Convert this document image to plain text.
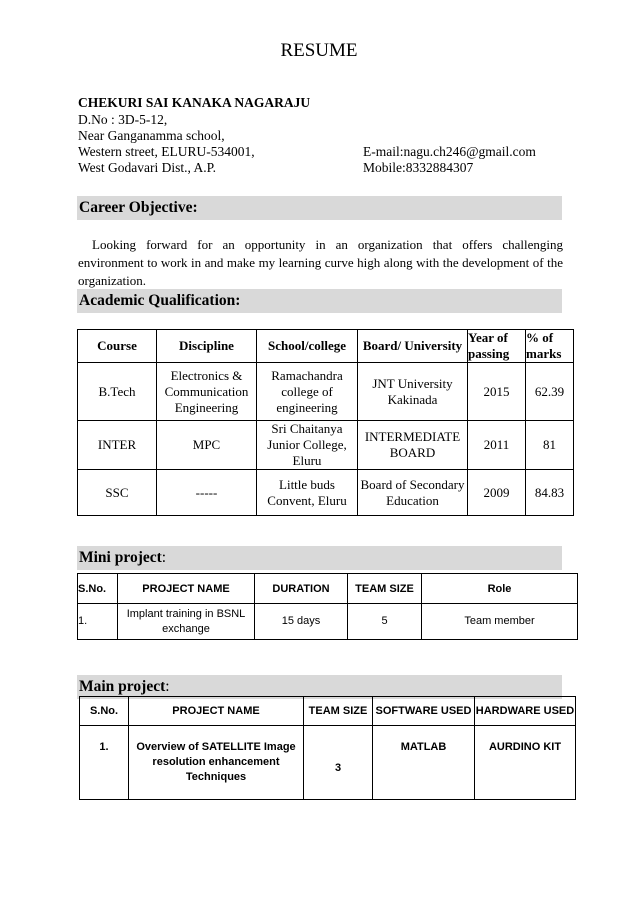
RESUME
CHEKURI SAI KANAKA NAGARAJU
D.No : 3D-5-12,
Near Ganganamma school,
Western street, ELURU-534001,
West Godavari Dist., A.P.
E-mail:nagu.ch246@gmail.com
Mobile:8332884307
Career Objective:
Looking forward for an opportunity in an organization that offers challenging environment to work in and make my learning curve high along with the development of the organization.
Academic Qualification:
Course	Discipline	School/college	Board/ University	Year of passing	% of marks
B.Tech	Electronics & Communication Engineering	Ramachandra college of engineering	JNT University Kakinada	2015	62.39
INTER	MPC	Sri Chaitanya Junior College, Eluru	INTERMEDIATE BOARD	2011	81
SSC	-----	Little buds Convent, Eluru	Board of Secondary Education	2009	84.83
Mini project:
S.No.	PROJECT NAME	DURATION	TEAM SIZE	Role
1.	Implant training in BSNL exchange	15 days	5	Team member
Main project:
S.No.	PROJECT NAME	TEAM SIZE	SOFTWARE USED	HARDWARE USED
1.	Overview of SATELLITE Image resolution enhancement Techniques	3	MATLAB	AURDINO KIT
